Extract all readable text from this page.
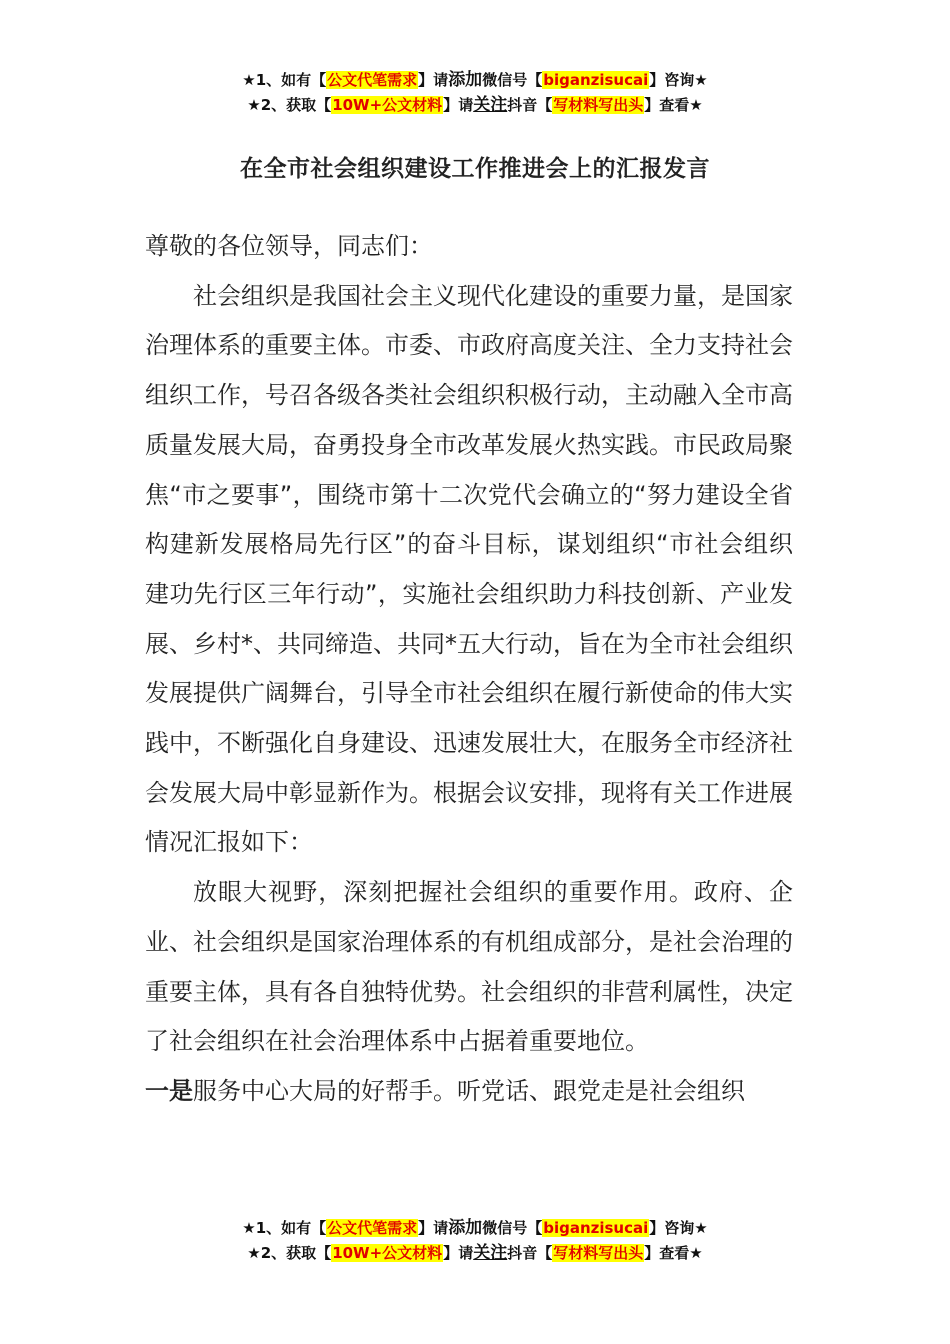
★1、如有【公文代笔需求】请添加微信号【biganzisucai】咨询★
★2、获取【10W+公文材料】请关注抖音【写材料写出头】查看★
在全市社会组织建设工作推进会上的汇报发言

尊敬的各位领导，同志们：

社会组织是我国社会主义现代化建设的重要力量，是国家治理体系的重要主体。市委、市政府高度关注、全力支持社会组织工作，号召各级各类社会组织积极行动，主动融入全市高质量发展大局，奋勇投身全市改革发展火热实践。市民政局聚焦“市之要事”，围绕市第十二次党代会确立的“努力建设全省构建新发展格局先行区”的奋斗目标，谋划组织“市社会组织建功先行区三年行动”，实施社会组织助力科技创新、产业发展、乡村*、共同缔造、共同*五大行动，旨在为全市社会组织发展提供广阔舞台，引导全市社会组织在履行新使命的伟大实践中，不断强化自身建设、迅速发展壮大，在服务全市经济社会发展大局中彰显新作为。根据会议安排，现将有关工作进展情况汇报如下：

放眼大视野，深刻把握社会组织的重要作用。政府、企业、社会组织是国家治理体系的有机组成部分，是社会治理的重要主体，具有各自独特优势。社会组织的非营利属性，决定了社会组织在社会治理体系中占据着重要地位。

一是服务中心大局的好帮手。听党话、跟党走是社会组织

★1、如有【公文代笔需求】请添加微信号【biganzisucai】咨询★
★2、获取【10W+公文材料】请关注抖音【写材料写出头】查看★
